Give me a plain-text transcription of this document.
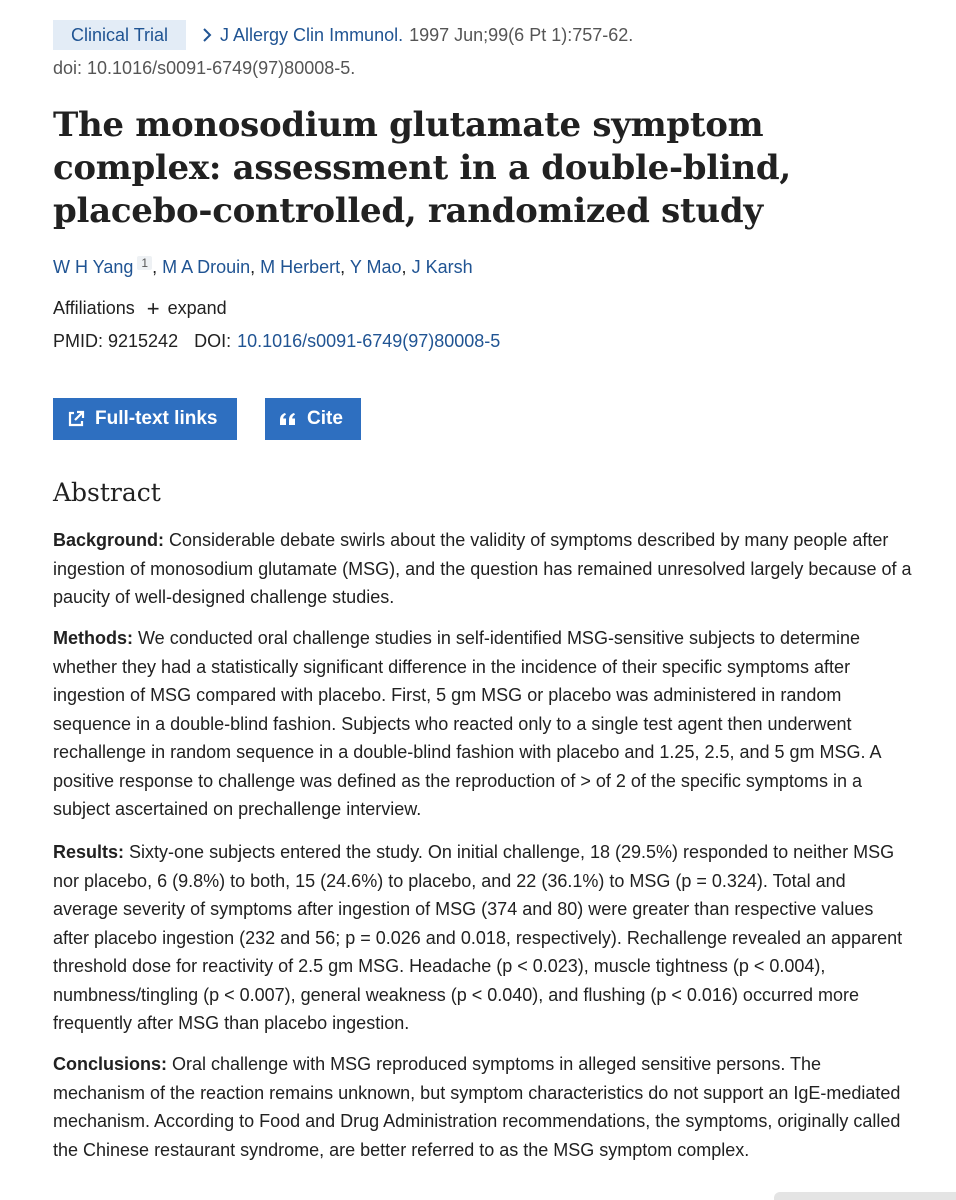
Clinical Trial	J Allergy Clin Immunol. 1997 Jun;99(6 Pt 1):757-62.
doi: 10.1016/s0091-6749(97)80008-5.
The monosodium glutamate symptom complex: assessment in a double-blind, placebo-controlled, randomized study
W H Yang $^1$ , M A Drouin, M Herbert, Y Mao, J Karsh
Affiliations + expand
PMID: 9215242 DOI: 10.1016/s0091-6749(97)80008-5
Full-text links	Cite
Abstract

Background: Considerable debate swirls about the validity of symptoms described by many people after ingestion of monosodium glutamate (MSG), and the question has remained unresolved largely because of a paucity of well-designed challenge studies.

Methods: We conducted oral challenge studies in self-identified MSG-sensitive subjects to determine whether they had a statistically significant difference in the incidence of their specific symptoms after ingestion of MSG compared with placebo. First, 5 gm MSG or placebo was administered in random sequence in a double-blind fashion. Subjects who reacted only to a single test agent then underwent rechallenge in random sequence in a double-blind fashion with placebo and 1.25, 2.5, and 5 gm MSG. A positive response to challenge was defined as the reproduction of > of 2 of the specific symptoms in a subject ascertained on prechallenge interview.

Results: Sixty-one subjects entered the study. On initial challenge, 18 (29.5%) responded to neither MSG nor placebo, 6 (9.8%) to both, 15 (24.6%) to placebo, and 22 (36.1%) to MSG (p = 0.324). Total and average severity of symptoms after ingestion of MSG (374 and 80) were greater than respective values after placebo ingestion (232 and 56; p = 0.026 and 0.018, respectively). Rechallenge revealed an apparent threshold dose for reactivity of 2.5 gm MSG. Headache (p < 0.023), muscle tightness (p < 0.004), numbness/tingling (p < 0.007), general weakness (p < 0.040), and flushing (p < 0.016) occurred more frequently after MSG than placebo ingestion.

Conclusions: Oral challenge with MSG reproduced symptoms in alleged sensitive persons. The mechanism of the reaction remains unknown, but symptom characteristics do not support an IgE-mediated mechanism. According to Food and Drug Administration recommendations, the symptoms, originally called the Chinese restaurant syndrome, are better referred to as the MSG symptom complex.
